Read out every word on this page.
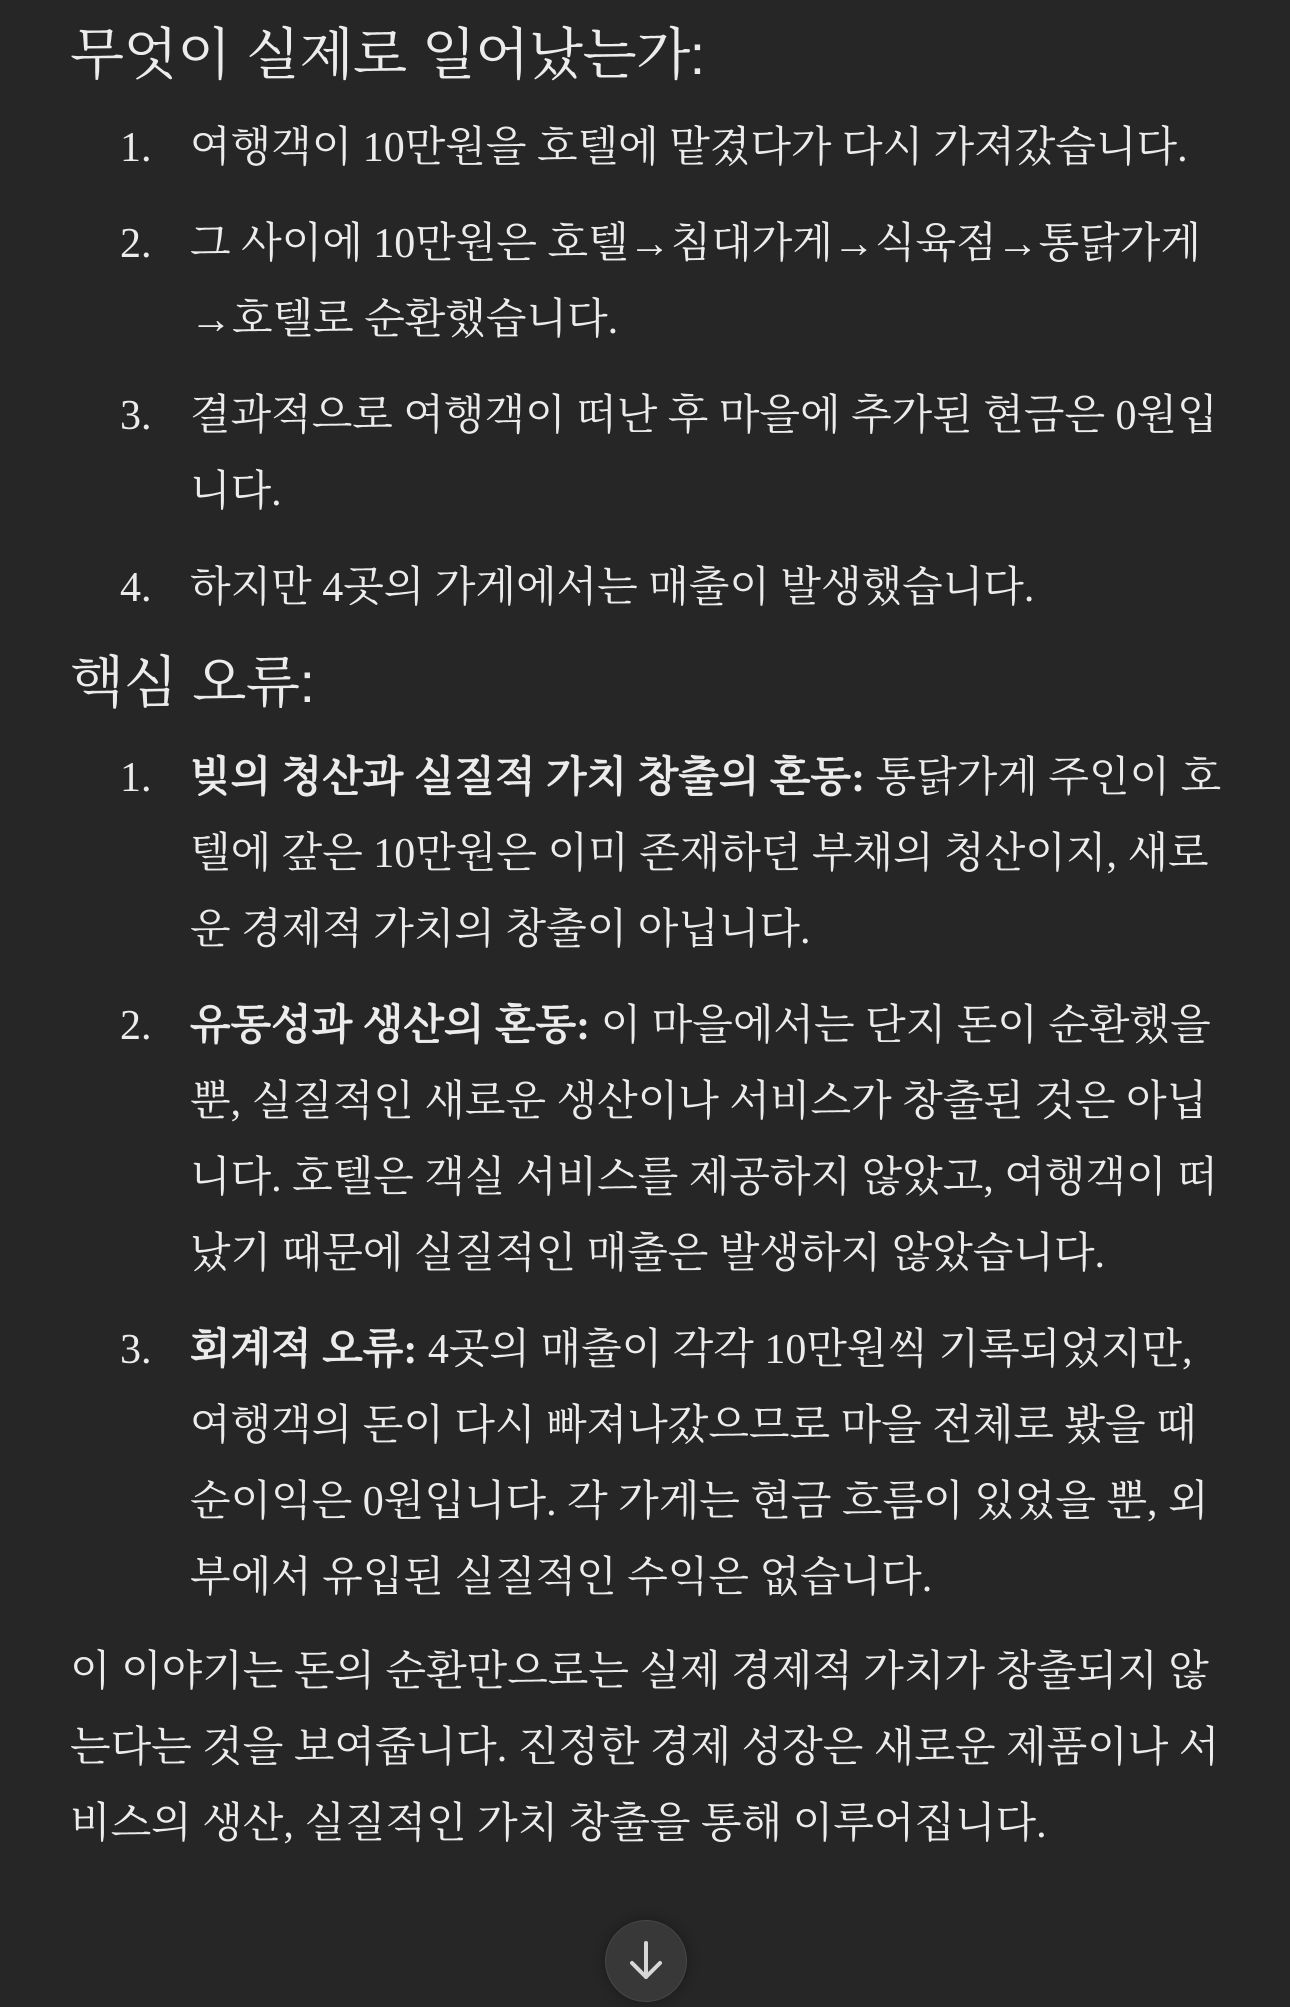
무엇이 실제로 일어났는가:
1. 여행객이 10만원을 호텔에 맡겼다가 다시 가져갔습니다.
2. 그 사이에 10만원은 호텔→침대가게→식육점→통닭가게→호텔로 순환했습니다.
3. 결과적으로 여행객이 떠난 후 마을에 추가된 현금은 0원입니다.
4. 하지만 4곳의 가게에서는 매출이 발생했습니다.
핵심 오류:
1. 빚의 청산과 실질적 가치 창출의 혼동: 통닭가게 주인이 호텔에 갚은 10만원은 이미 존재하던 부채의 청산이지, 새로운 경제적 가치의 창출이 아닙니다.
2. 유동성과 생산의 혼동: 이 마을에서는 단지 돈이 순환했을 뿐, 실질적인 새로운 생산이나 서비스가 창출된 것은 아닙니다. 호텔은 객실 서비스를 제공하지 않았고, 여행객이 떠났기 때문에 실질적인 매출은 발생하지 않았습니다.
3. 회계적 오류: 4곳의 매출이 각각 10만원씩 기록되었지만, 여행객의 돈이 다시 빠져나갔으므로 마을 전체로 봤을 때 순이익은 0원입니다. 각 가게는 현금 흐름이 있었을 뿐, 외부에서 유입된 실질적인 수익은 없습니다.

이 이야기는 돈의 순환만으로는 실제 경제적 가치가 창출되지 않는다는 것을 보여줍니다. 진정한 경제 성장은 새로운 제품이나 서비스의 생산, 실질적인 가치 창출을 통해 이루어집니다.
